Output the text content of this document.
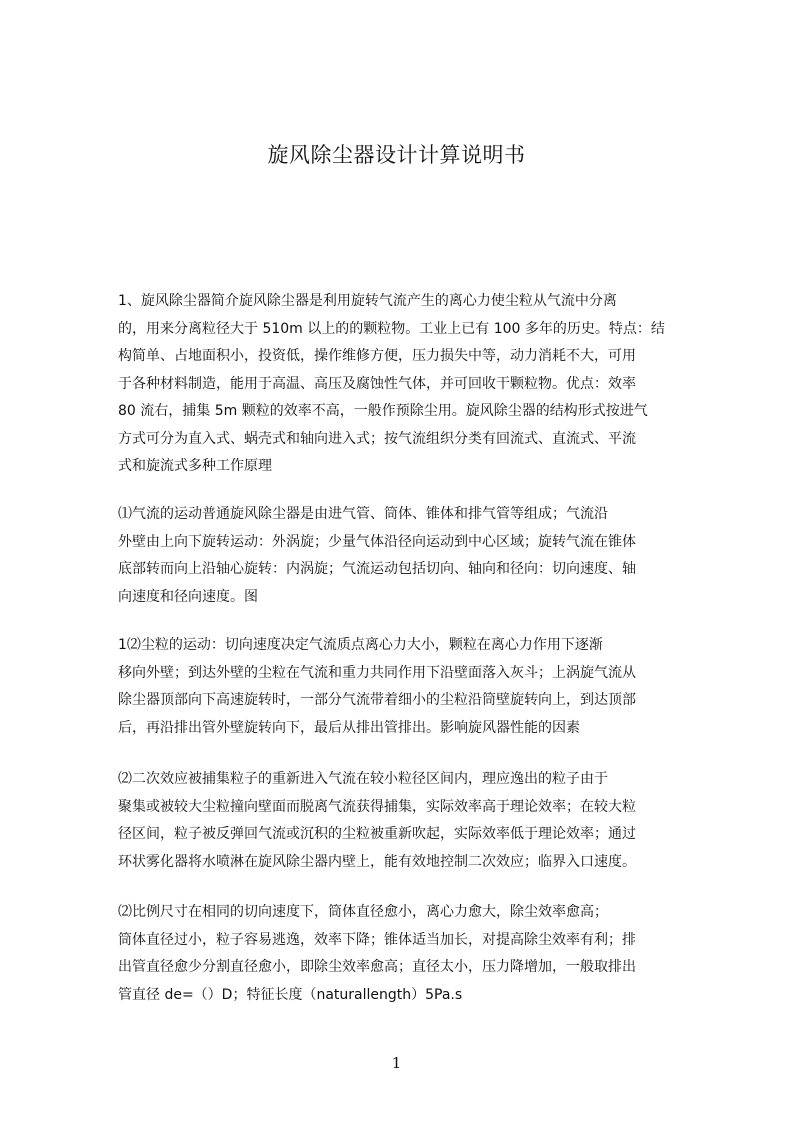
旋风除尘器设计计算说明书

1、旋风除尘器简介旋风除尘器是利用旋转气流产生的离心力使尘粒从气流中分离
的，用来分离粒径大于 510m 以上的的颗粒物。工业上已有 100 多年的历史。特点：结
构简单、占地面积小，投资低，操作维修方便，压力损失中等，动力消耗不大，可用
于各种材料制造，能用于高温、高压及腐蚀性气体，并可回收干颗粒物。优点：效率
80 流右，捕集 5m 颗粒的效率不高，一般作预除尘用。旋风除尘器的结构形式按进气
方式可分为直入式、蜗壳式和轴向进入式；按气流组织分类有回流式、直流式、平流
式和旋流式多种工作原理

⑴气流的运动普通旋风除尘器是由进气管、筒体、锥体和排气管等组成；气流沿
外壁由上向下旋转运动：外涡旋；少量气体沿径向运动到中心区域；旋转气流在锥体
底部转而向上沿轴心旋转：内涡旋；气流运动包括切向、轴向和径向：切向速度、轴
向速度和径向速度。图

1⑵尘粒的运动：切向速度决定气流质点离心力大小，颗粒在离心力作用下逐渐
移向外壁；到达外壁的尘粒在气流和重力共同作用下沿壁面落入灰斗；上涡旋气流从
除尘器顶部向下高速旋转时，一部分气流带着细小的尘粒沿筒壁旋转向上，到达顶部
后，再沿排出管外壁旋转向下，最后从排出管排出。影响旋风器性能的因素

⑵二次效应被捕集粒子的重新进入气流在较小粒径区间内，理应逸出的粒子由于
聚集或被较大尘粒撞向壁面而脱离气流获得捕集，实际效率高于理论效率；在较大粒
径区间，粒子被反弹回气流或沉积的尘粒被重新吹起，实际效率低于理论效率；通过
环状雾化器将水喷淋在旋风除尘器内壁上，能有效地控制二次效应；临界入口速度。

⑵比例尺寸在相同的切向速度下，筒体直径愈小，离心力愈大，除尘效率愈高；
筒体直径过小，粒子容易逃逸，效率下降；锥体适当加长，对提高除尘效率有利；排
出管直径愈少分割直径愈小，即除尘效率愈高；直径太小，压力降增加，一般取排出
管直径 de=（）D；特征长度（naturallength）5Pa.s

1
